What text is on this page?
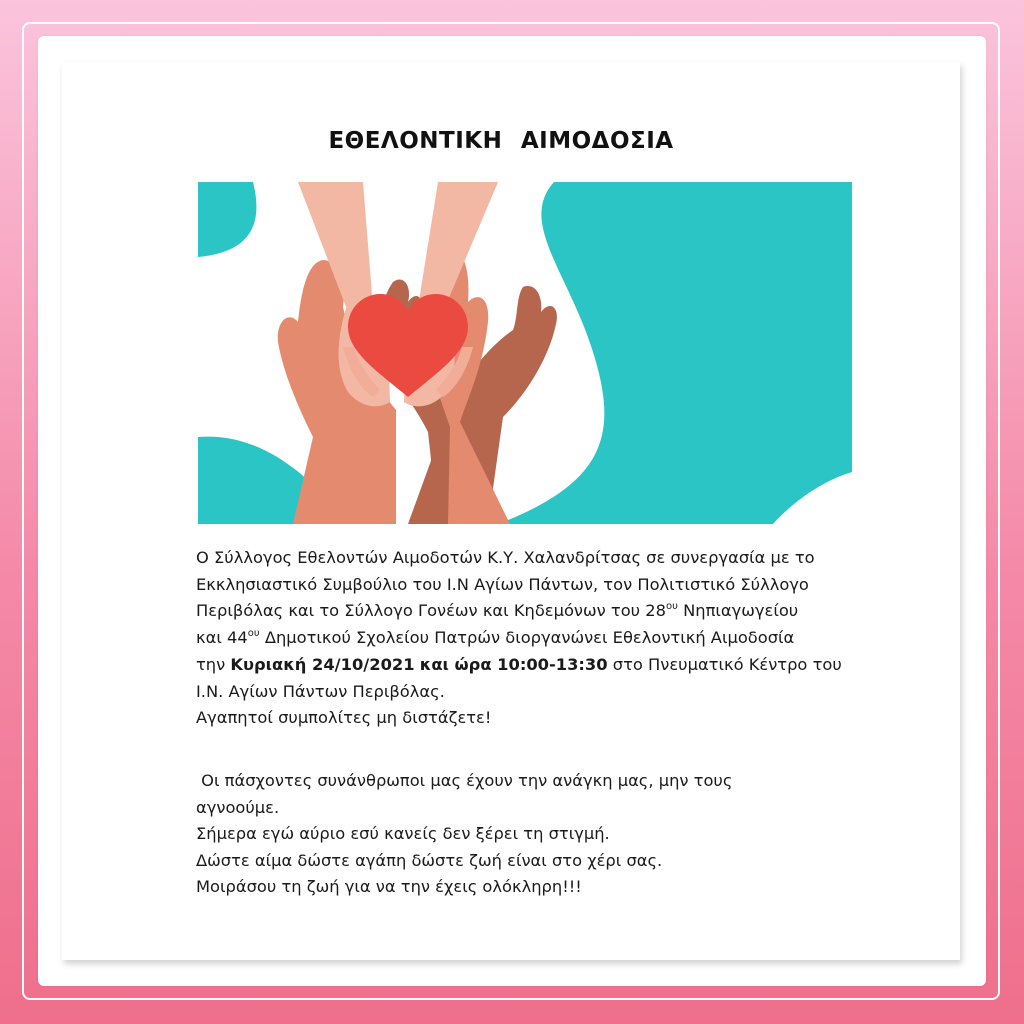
ΕΘΕΛΟΝΤΙΚΗ ΑΙΜΟΔΟΣΙΑ
Ο Σύλλογος Εθελοντών Αιμοδοτών Κ.Υ. Χαλανδρίτσας σε συνεργασία με το
Εκκλησιαστικό Συμβούλιο του Ι.Ν Αγίων Πάντων, τον Πολιτιστικό Σύλλογο
Περιβόλας και το Σύλλογο Γονέων και Κηδεμόνων του $28^{o\upsilon}$ Νηπιαγωγείου
και $44^{o\upsilon}$ Δημοτικού Σχολείου Πατρών διοργανώνει Εθελοντική Αιμοδοσία
την Κυριακή 24/10/2021 και ώρα 10:00-13:30 στο Πνευματικό Κέντρο του
Ι.Ν. Αγίων Πάντων Περιβόλας.
Αγαπητοί συμπολίτες μη διστάζετε!
Οι πάσχοντες συνάνθρωποι μας έχουν την ανάγκη μας, μην τους
αγνοούμε.
Σήμερα εγώ αύριο εσύ κανείς δεν ξέρει τη στιγμή.
Δώστε αίμα δώστε αγάπη δώστε ζωή είναι στο χέρι σας.
Μοιράσου τη ζωή για να την έχεις ολόκληρη!!!
